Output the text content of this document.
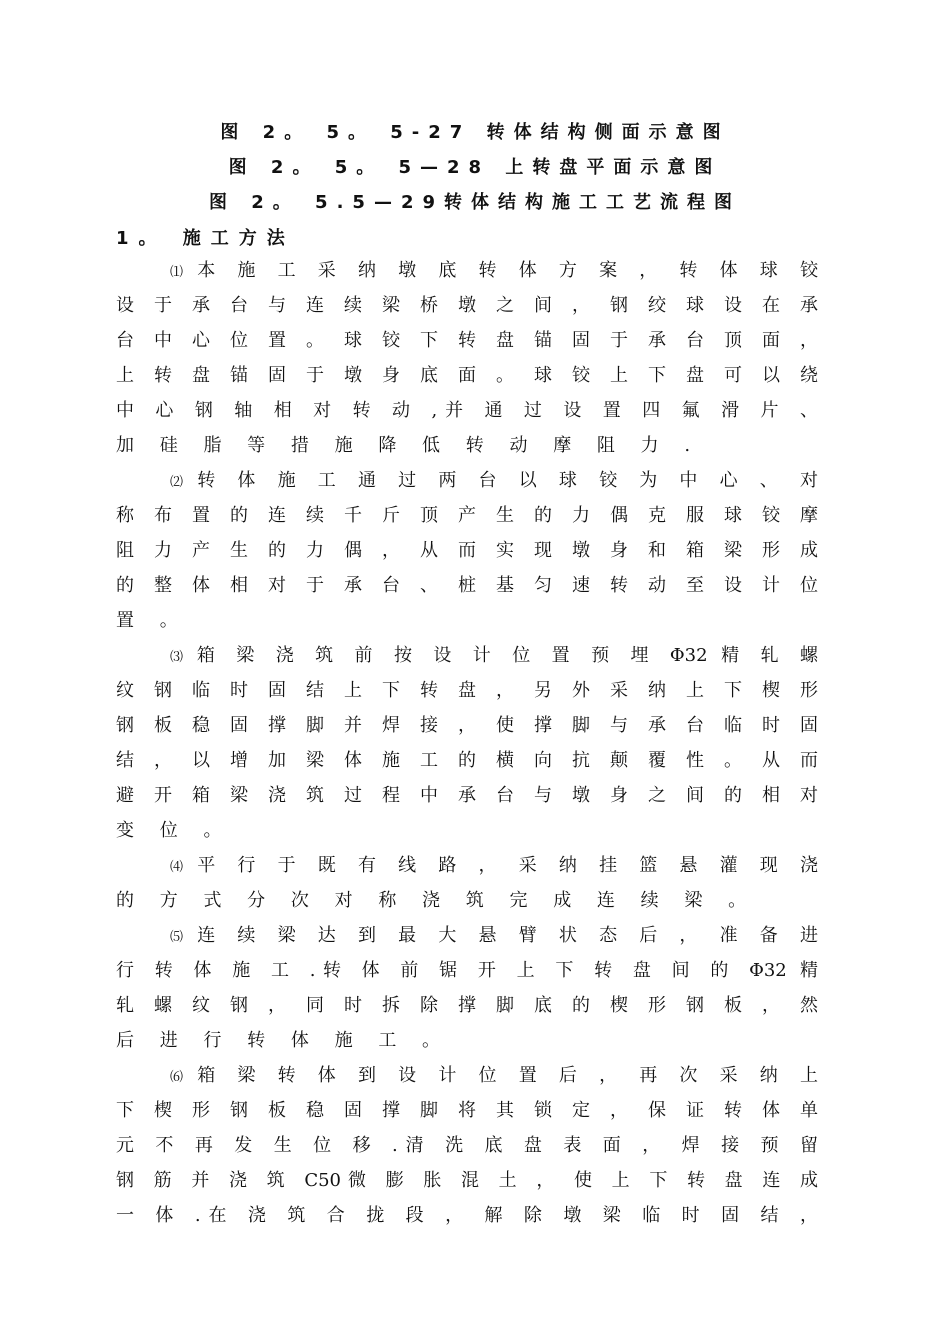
图 2。 5。 5-27 转体结构侧面示意图
图 2。 5。 5—28 上转盘平面示意图
图 2。 5.5—29转体结构施工工艺流程图
1。 施工方法
⑴ 本 施 工 采 纳 墩 底 转 体 方 案 ， 转 体 球 铰
设 于 承 台 与 连 续 梁 桥 墩 之 间 ， 钢 绞 球 设 在 承
台 中 心 位 置 。 球 铰 下 转 盘 锚 固 于 承 台 顶 面 ，
上 转 盘 锚 固 于 墩 身 底 面 。 球 铰 上 下 盘 可 以 绕
中 心 钢 轴 相 对 转 动 ,并 通 过 设 置 四 氟 滑 片 、
加 硅 脂 等 措 施 降 低 转 动 摩 阻 力 .
⑵ 转 体 施 工 通 过 两 台 以 球 铰 为 中 心 、 对
称 布 置 的 连 续 千 斤 顶 产 生 的 力 偶 克 服 球 铰 摩
阻 力 产 生 的 力 偶 ， 从 而 实 现 墩 身 和 箱 梁 形 成
的 整 体 相 对 于 承 台 、 桩 基 匀 速 转 动 至 设 计 位
置 。
⑶ 箱 梁 浇 筑 前 按 设 计 位 置 预 埋 Φ32 精 轧 螺
纹 钢 临 时 固 结 上 下 转 盘 ， 另 外 采 纳 上 下 楔 形
钢 板 稳 固 撑 脚 并 焊 接 ， 使 撑 脚 与 承 台 临 时 固
结 ， 以 增 加 梁 体 施 工 的 横 向 抗 颠 覆 性 。 从 而
避 开 箱 梁 浇 筑 过 程 中 承 台 与 墩 身 之 间 的 相 对
变 位 。
⑷ 平 行 于 既 有 线 路 ， 采 纳 挂 篮 悬 灌 现 浇
的 方 式 分 次 对 称 浇 筑 完 成 连 续 梁 。
⑸ 连 续 梁 达 到 最 大 悬 臂 状 态 后 ， 准 备 进
行 转 体 施 工 .转 体 前 锯 开 上 下 转 盘 间 的 Φ32 精
轧 螺 纹 钢 ， 同 时 拆 除 撑 脚 底 的 楔 形 钢 板 ， 然
后 进 行 转 体 施 工 。
⑹ 箱 梁 转 体 到 设 计 位 置 后 ， 再 次 采 纳 上
下 楔 形 钢 板 稳 固 撑 脚 将 其 锁 定 ， 保 证 转 体 单
元 不 再 发 生 位 移 .清 洗 底 盘 表 面 ， 焊 接 预 留
钢 筋 并 浇 筑 C50微 膨 胀 混 土 ， 使 上 下 转 盘 连 成
一 体 .在 浇 筑 合 拢 段 ， 解 除 墩 梁 临 时 固 结 ，
